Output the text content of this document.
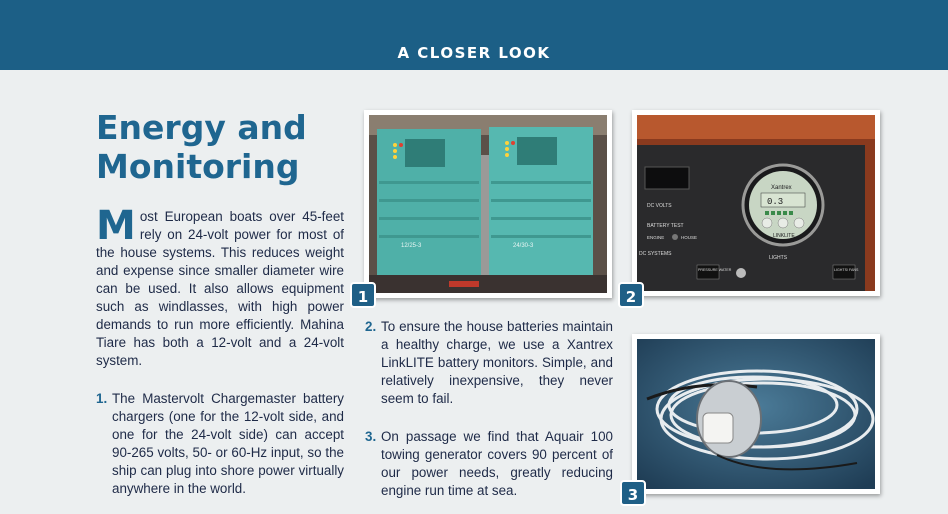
A CLOSER LOOK
Energy and
Monitoring
Most European boats over 45-feet rely on 24-volt power for most of the house systems. This reduces weight and expense since smaller diameter wire can be used. It also allows equipment such as windlasses, with high power demands to run more efficiently. Mahina Tiare has both a 12-volt and a 24-volt system.
1. The Mastervolt Chargemaster battery chargers (one for the 12-volt side, and one for the 24-volt side) can accept 90-265 volts, 50- or 60-Hz input, so the ship can plug into shore power virtually anywhere in the world.
2. To ensure the house batteries maintain a healthy charge, we use a Xantrex LinkLITE battery monitors. Simple, and relatively inexpensive, they never seem to fail.
3. On passage we find that Aquair 100 towing generator covers 90 percent of our power needs, greatly reducing engine run time at sea.
12/25-3	24/30-3
Xantrex
0.3
LINKLITE
DC VOLTS
BATTERY TEST
ENGINE	HOUSE
DC SYSTEMS
LIGHTS
PRESSURE WATER	LIGHTS/ FANS
1	2
3
